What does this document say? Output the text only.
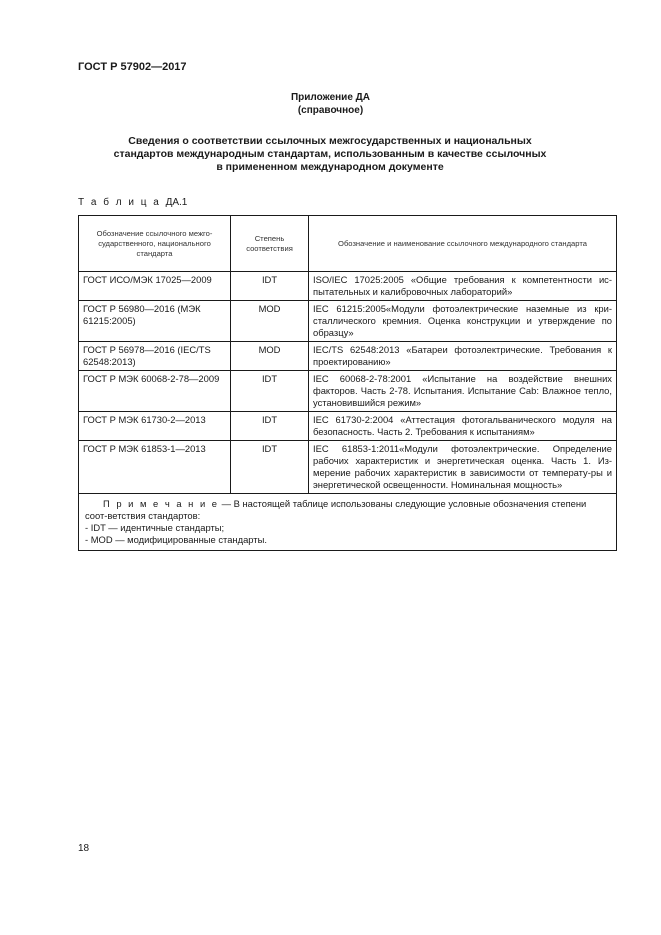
ГОСТ Р 57902—2017
Приложение ДА
(справочное)
Сведения о соответствии ссылочных межгосударственных и национальных стандартов международным стандартам, использованным в качестве ссылочных в примененном международном документе
Т а б л и ц а ДА.1
Обозначение ссылочного межго-сударственного, национального стандарта	Степень соответствия	Обозначение и наименование ссылочного международного стандарта
ГОСТ ИСО/МЭК 17025—2009	IDT	ISO/IEC 17025:2005 «Общие требования к компетентности ис-пытательных и калибровочных лабораторий»
ГОСТ Р 56980—2016 (МЭК 61215:2005)	MOD	IEC 61215:2005«Модули фотоэлектрические наземные из кри-сталлического кремния. Оценка конструкции и утверждение по образцу»
ГОСТ Р 56978—2016 (IEC/TS 62548:2013)	MOD	IEC/TS 62548:2013 «Батареи фотоэлектрические. Требования к проектированию»
ГОСТ Р МЭК 60068-2-78—2009	IDT	IEC 60068-2-78:2001 «Испытание на воздействие внешних факторов. Часть 2-78. Испытания. Испытание Cab: Влажное тепло, установившийся режим»
ГОСТ Р МЭК 61730-2—2013	IDT	IEC 61730-2:2004 «Аттестация фотогальванического модуля на безопасность. Часть 2. Требования к испытаниям»
ГОСТ Р МЭК 61853-1—2013	IDT	IEC 61853-1:2011«Модули фотоэлектрические. Определение рабочих характеристик и энергетическая оценка. Часть 1. Из-мерение рабочих характеристик в зависимости от температу-ры и энергетической освещенности. Номинальная мощность»

П р и м е ч а н и е — В настоящей таблице использованы следующие условные обозначения степени соот-ветствия стандартов:
- IDT — идентичные стандарты;
- MOD — модифицированные стандарты.		
18
